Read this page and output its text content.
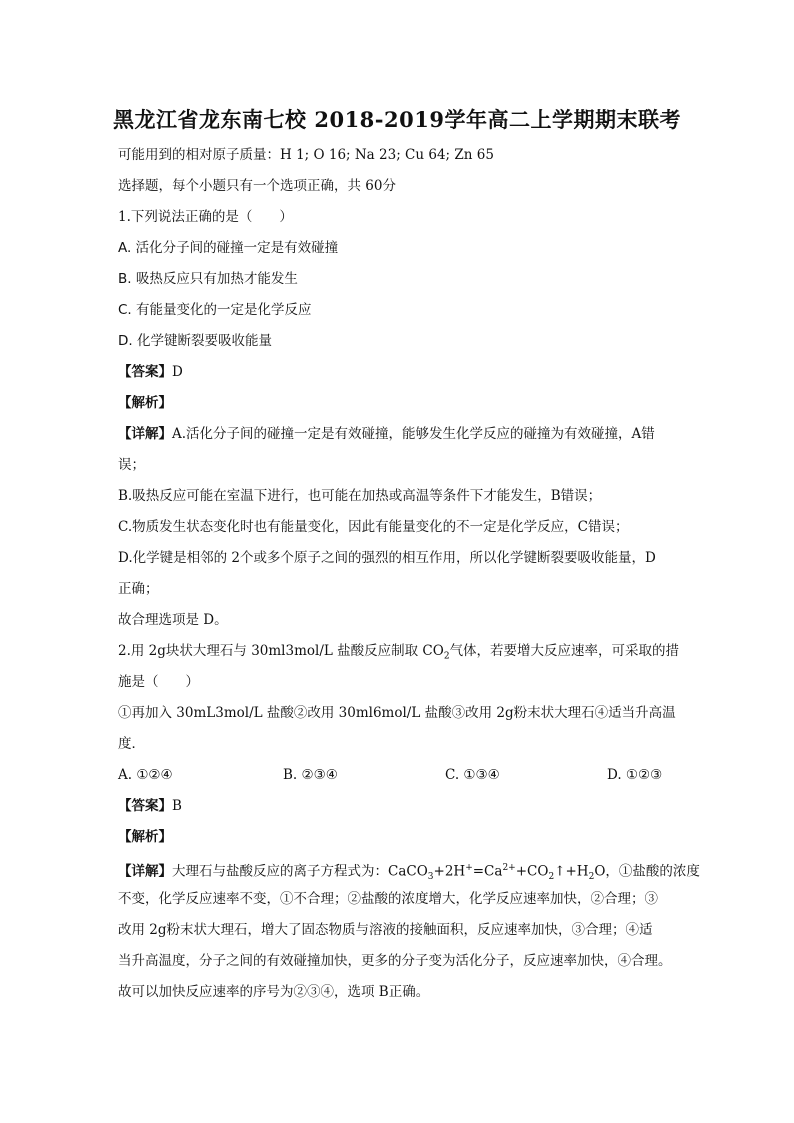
黑龙江省龙东南七校 2018-2019学年高二上学期期末联考
可能用到的相对原子质量：H 1; O 16; Na 23; Cu 64; Zn 65
选择题，每个小题只有一个选项正确，共 60分
1.下列说法正确的是（　　）
A. 活化分子间的碰撞一定是有效碰撞
B. 吸热反应只有加热才能发生
C. 有能量变化的一定是化学反应
D. 化学键断裂要吸收能量
【答案】D
【解析】
【详解】A.活化分子间的碰撞一定是有效碰撞，能够发生化学反应的碰撞为有效碰撞，A错
误；
B.吸热反应可能在室温下进行，也可能在加热或高温等条件下才能发生，B错误；
C.物质发生状态变化时也有能量变化，因此有能量变化的不一定是化学反应，C错误；
D.化学键是相邻的 2个或多个原子之间的强烈的相互作用，所以化学键断裂要吸收能量，D
正确；
故合理选项是 D。
2.用 2g块状大理石与 30ml3mol/L 盐酸反应制取 $CO_2$气体，若要增大反应速率，可采取的措
施是（　　）
①再加入 30mL3mol/L 盐酸②改用 30ml6mol/L 盐酸③改用 2g粉末状大理石④适当升高温
度．
A. ①②④	B. ②③④	C. ①③④	D. ①②③
【答案】B
【解析】
【详解】大理石与盐酸反应的离子方程式为：$CaCO_3+2H^+=Ca^{2+}+CO_2↑+H_2O$，①盐酸的浓度
不变，化学反应速率不变，①不合理；②盐酸的浓度增大，化学反应速率加快，②合理；③
改用 2g粉末状大理石，增大了固态物质与溶液的接触面积，反应速率加快，③合理；④适
当升高温度，分子之间的有效碰撞加快，更多的分子变为活化分子，反应速率加快，④合理。
故可以加快反应速率的序号为②③④，选项 B正确。
